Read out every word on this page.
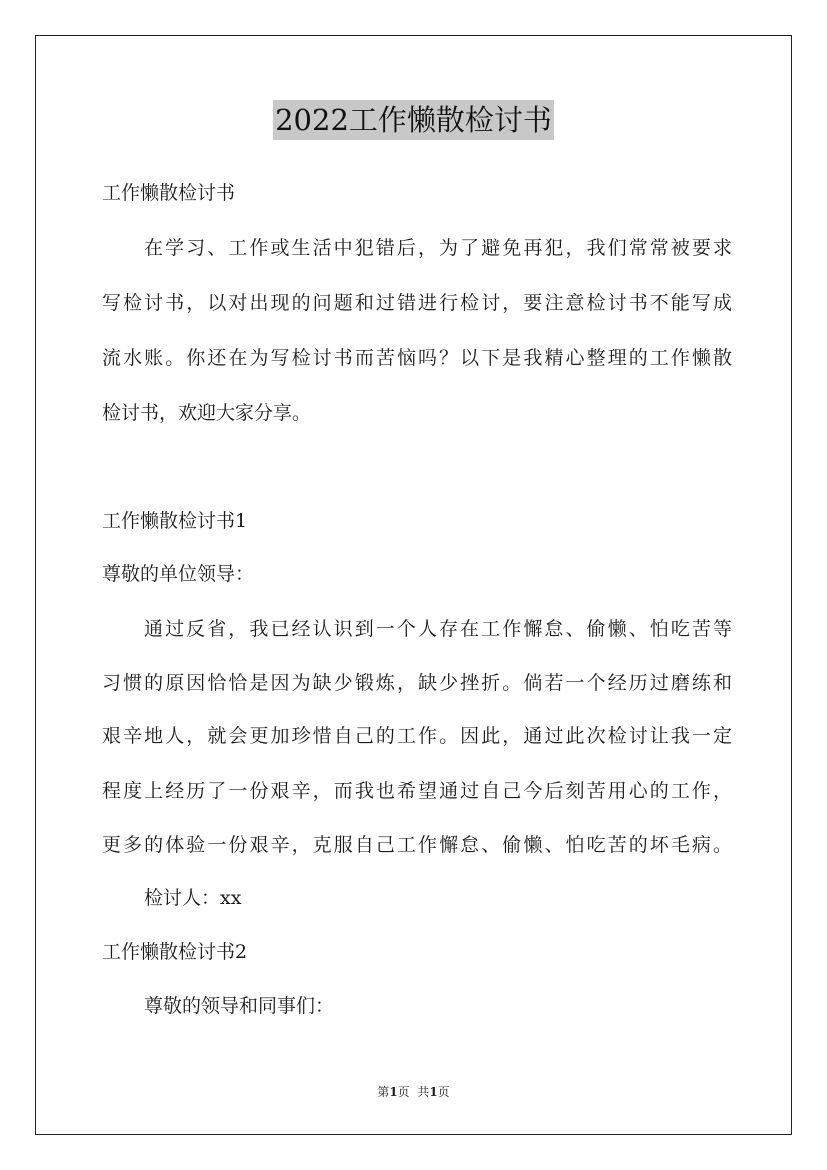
2022工作懒散检讨书
工作懒散检讨书
在学习、工作或生活中犯错后，为了避免再犯，我们常常被要求
写检讨书，以对出现的问题和过错进行检讨，要注意检讨书不能写成
流水账。你还在为写检讨书而苦恼吗？以下是我精心整理的工作懒散
检讨书，欢迎大家分享。
工作懒散检讨书1
尊敬的单位领导：
通过反省，我已经认识到一个人存在工作懈怠、偷懒、怕吃苦等
习惯的原因恰恰是因为缺少锻炼，缺少挫折。倘若一个经历过磨练和
艰辛地人，就会更加珍惜自己的工作。因此，通过此次检讨让我一定
程度上经历了一份艰辛，而我也希望通过自己今后刻苦用心的工作，
更多的体验一份艰辛，克服自己工作懈怠、偷懒、怕吃苦的坏毛病。
检讨人：xx
工作懒散检讨书2
尊敬的领导和同事们：
第1页  共1页
